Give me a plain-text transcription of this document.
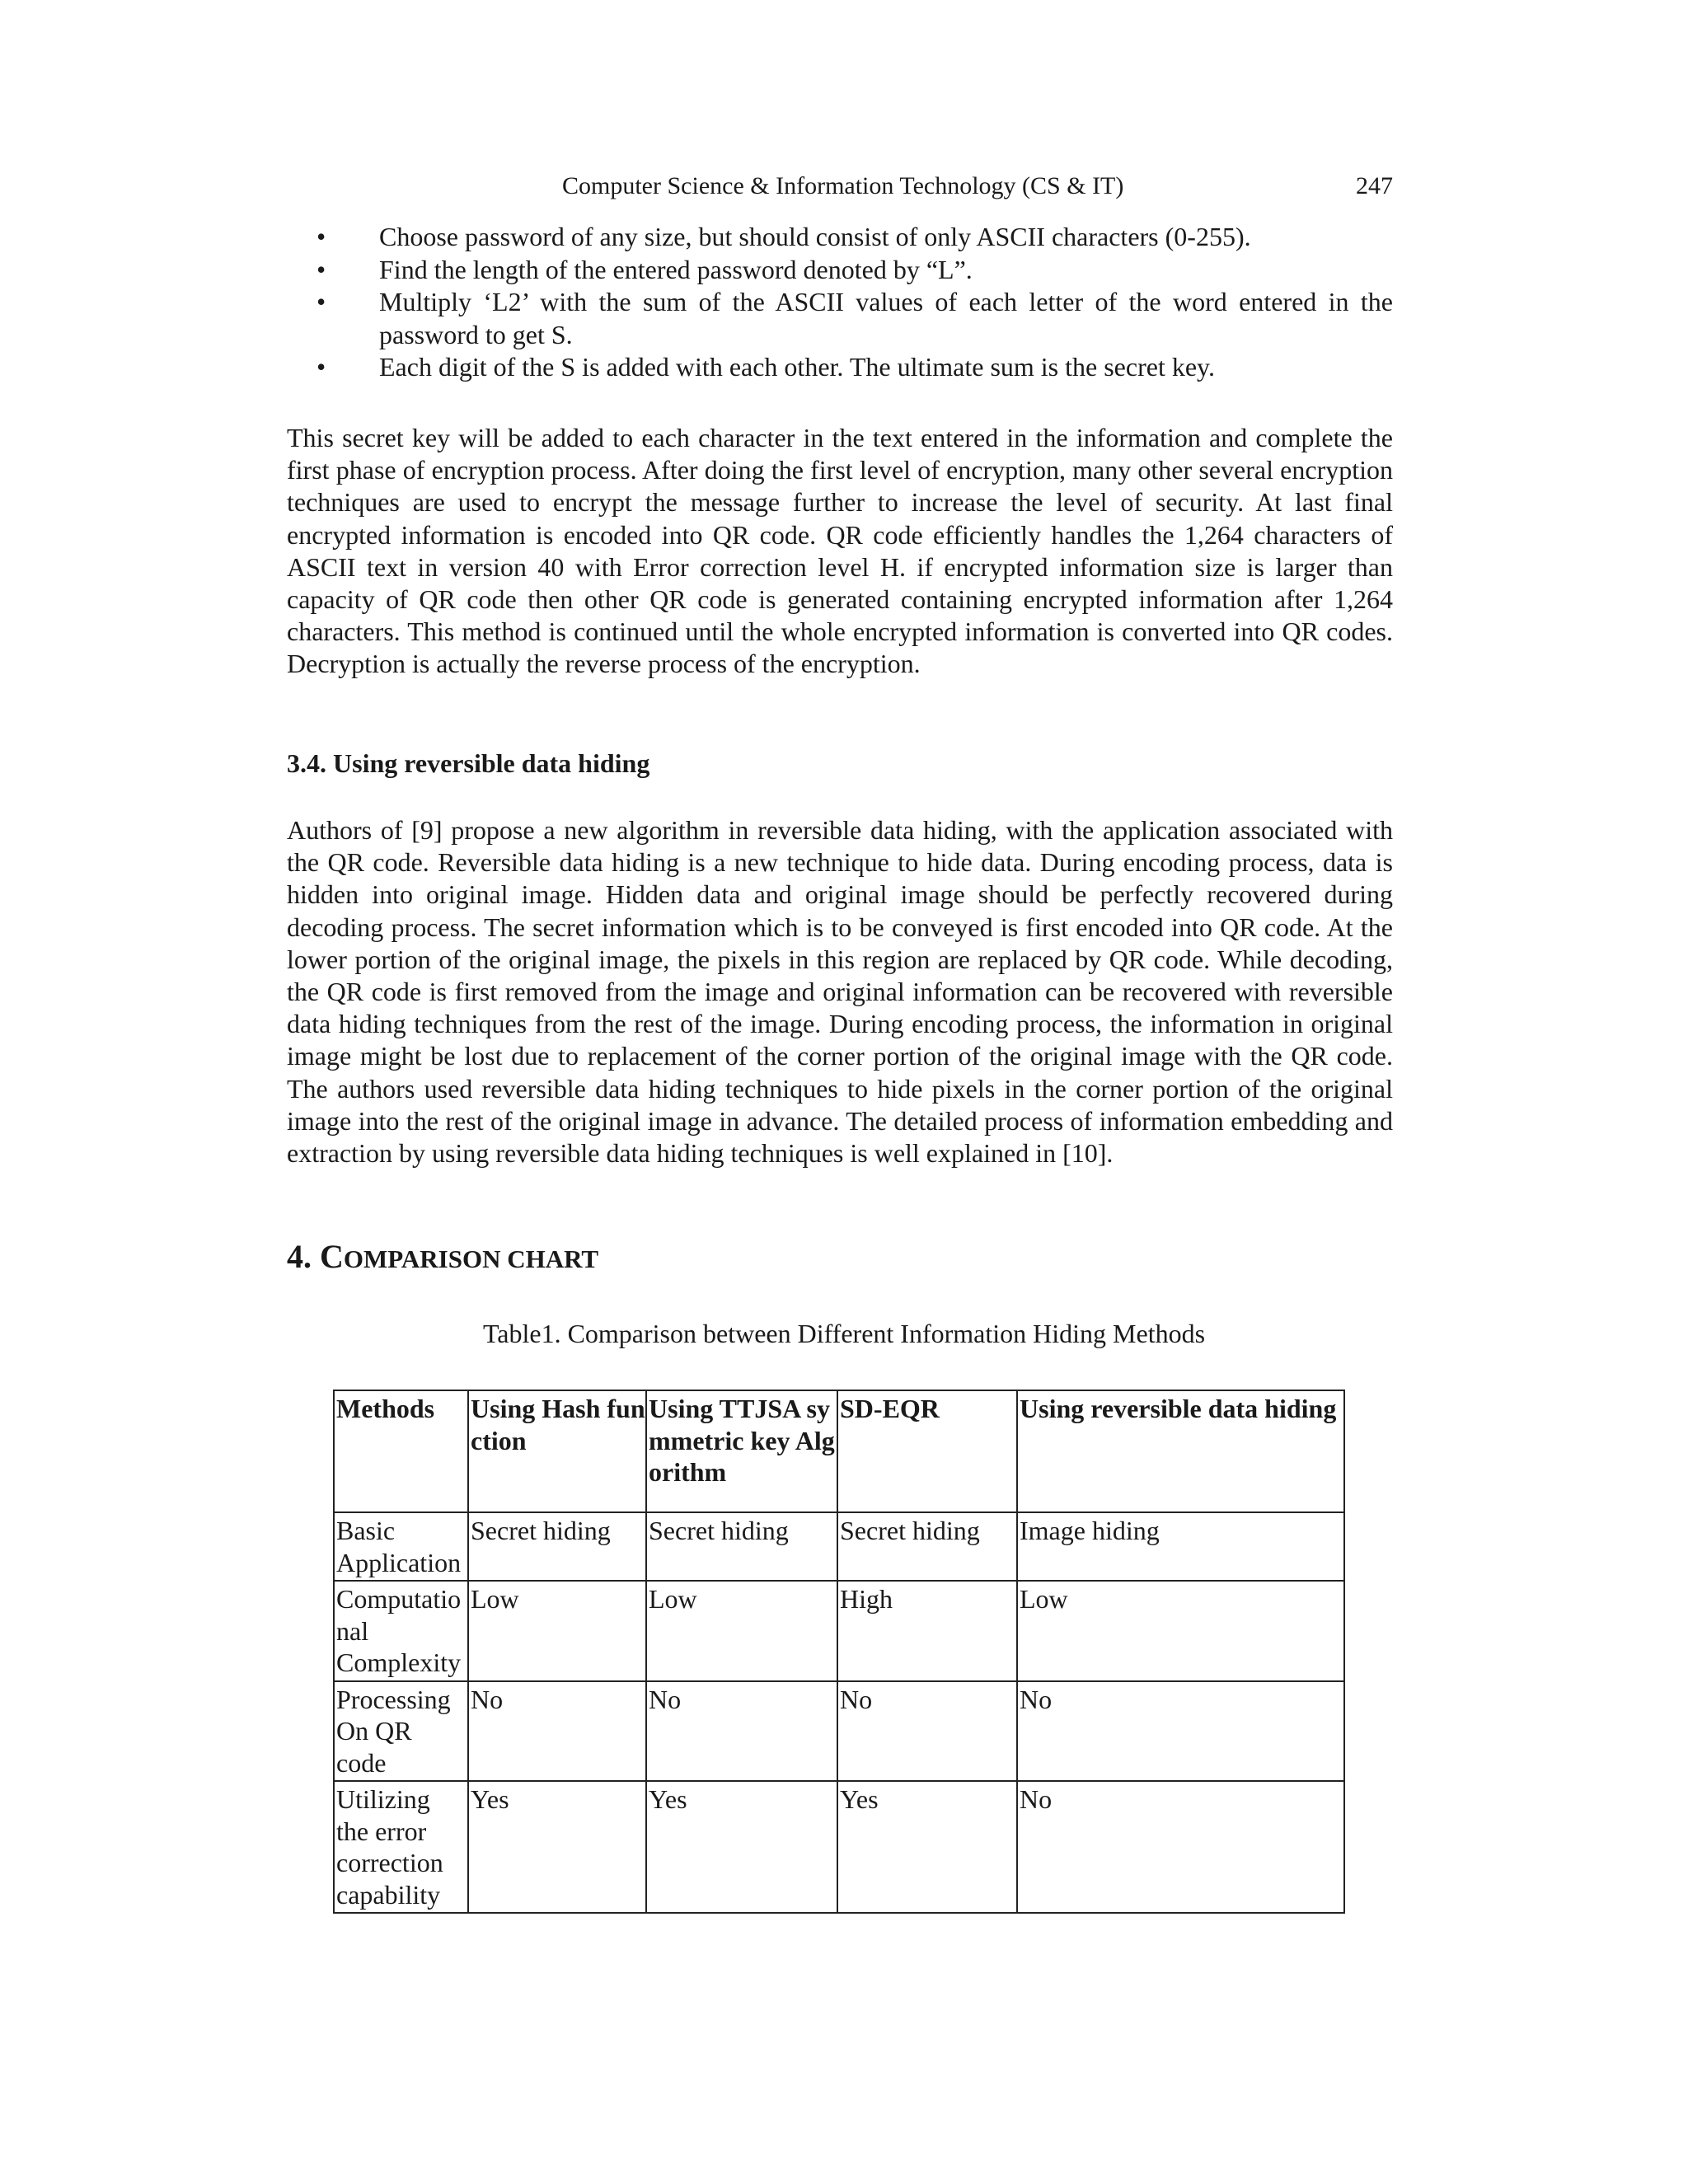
Computer Science & Information Technology (CS & IT)	247
• Choose password of any size, but should consist of only ASCII characters (0-255).
• Find the length of the entered password denoted by “L”.
• Multiply ‘L2’ with the sum of the ASCII values of each letter of the word entered in the password to get S.
• Each digit of the S is added with each other. The ultimate sum is the secret key.

This secret key will be added to each character in the text entered in the information and complete the first phase of encryption process. After doing the first level of encryption, many other several encryption techniques are used to encrypt the message further to increase the level of security. At last final encrypted information is encoded into QR code. QR code efficiently handles the 1,264 characters of ASCII text in version 40 with Error correction level H. if encrypted information size is larger than capacity of QR code then other QR code is generated containing encrypted information after 1,264 characters. This method is continued until the whole encrypted information is converted into QR codes. Decryption is actually the reverse process of the encryption.

3.4. Using reversible data hiding

Authors of [9] propose a new algorithm in reversible data hiding, with the application associated with the QR code. Reversible data hiding is a new technique to hide data. During encoding process, data is hidden into original image. Hidden data and original image should be perfectly recovered during decoding process. The secret information which is to be conveyed is first encoded into QR code. At the lower portion of the original image, the pixels in this region are replaced by QR code. While decoding, the QR code is first removed from the image and original information can be recovered with reversible data hiding techniques from the rest of the image. During encoding process, the information in original image might be lost due to replacement of the corner portion of the original image with the QR code. The authors used reversible data hiding techniques to hide pixels in the corner portion of the original image into the rest of the original image in advance. The detailed process of information embedding and extraction by using reversible data hiding techniques is well explained in [10].

4. COMPARISON CHART

Table1. Comparison between Different Information Hiding Methods

Methods	Using Hash function	Using TTJSA symmetric key Algorithm	SD-EQR	Using reversible data hiding
Basic Application	Secret hiding	Secret hiding	Secret hiding	Image hiding
Computational Complexity	Low	Low	High	Low
Processing On QR code	No	No	No	No
Utilizing the error correction capability	Yes	Yes	Yes	No
